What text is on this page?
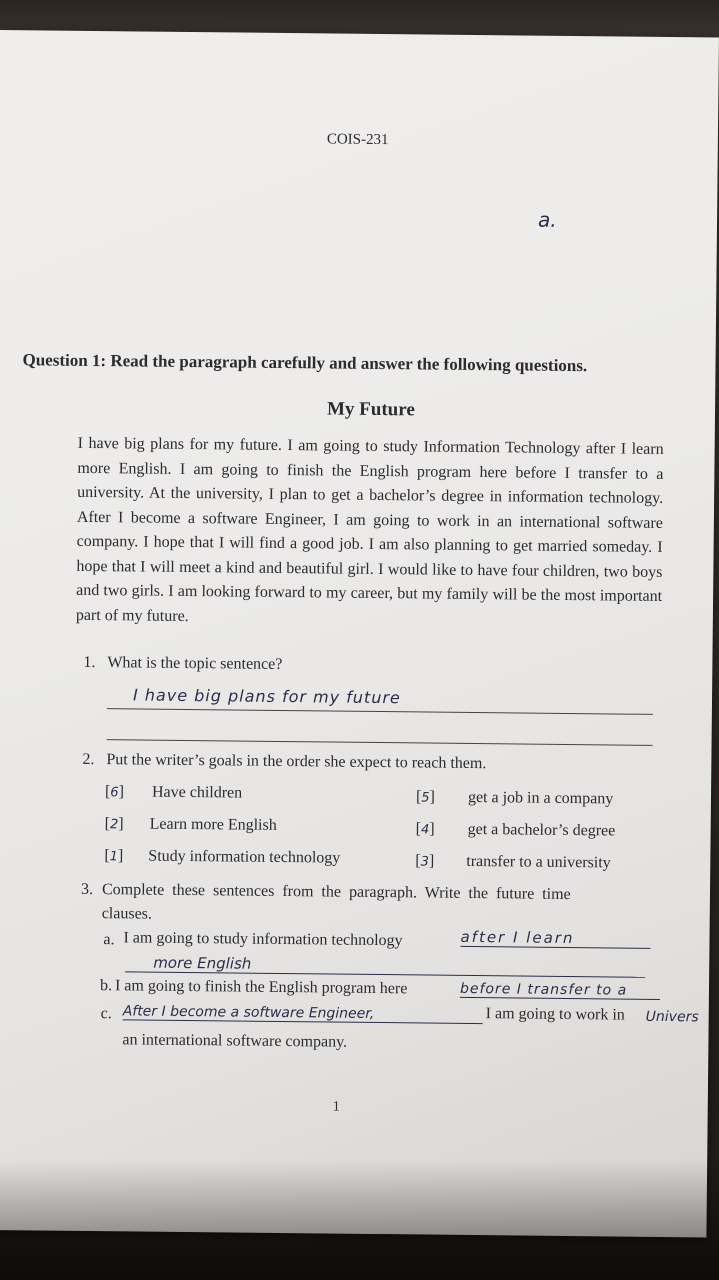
COIS-231
a.
Question 1: Read the paragraph carefully and answer the following questions.
My Future

I have big plans for my future. I am going to study Information Technology after I learn more English. I am going to finish the English program here before I transfer to a university. At the university, I plan to get a bachelor’s degree in information technology. After I become a software Engineer, I am going to work in an international software company. I hope that I will find a good job. I am also planning to get married someday. I hope that I will meet a kind and beautiful girl. I would like to have four children, two boys and two girls. I am looking forward to my career, but my family will be the most important part of my future.

1. What is the topic sentence?
I have big plans for my future
2. Put the writer’s goals in the order she expect to reach them.
[6] Have children	[5] get a job in a company
[2] Learn more English	[4] get a bachelor’s degree
[1] Study information technology	[3] transfer to a university
3. Complete these sentences from the paragraph. Write the future time
clauses.
a. I am going to study information technology	after I learn
more English
b. I am going to finish the English program here	before I transfer to a
c. After I become a software Engineer,	I am going to work in Univers
an international software company.
1
